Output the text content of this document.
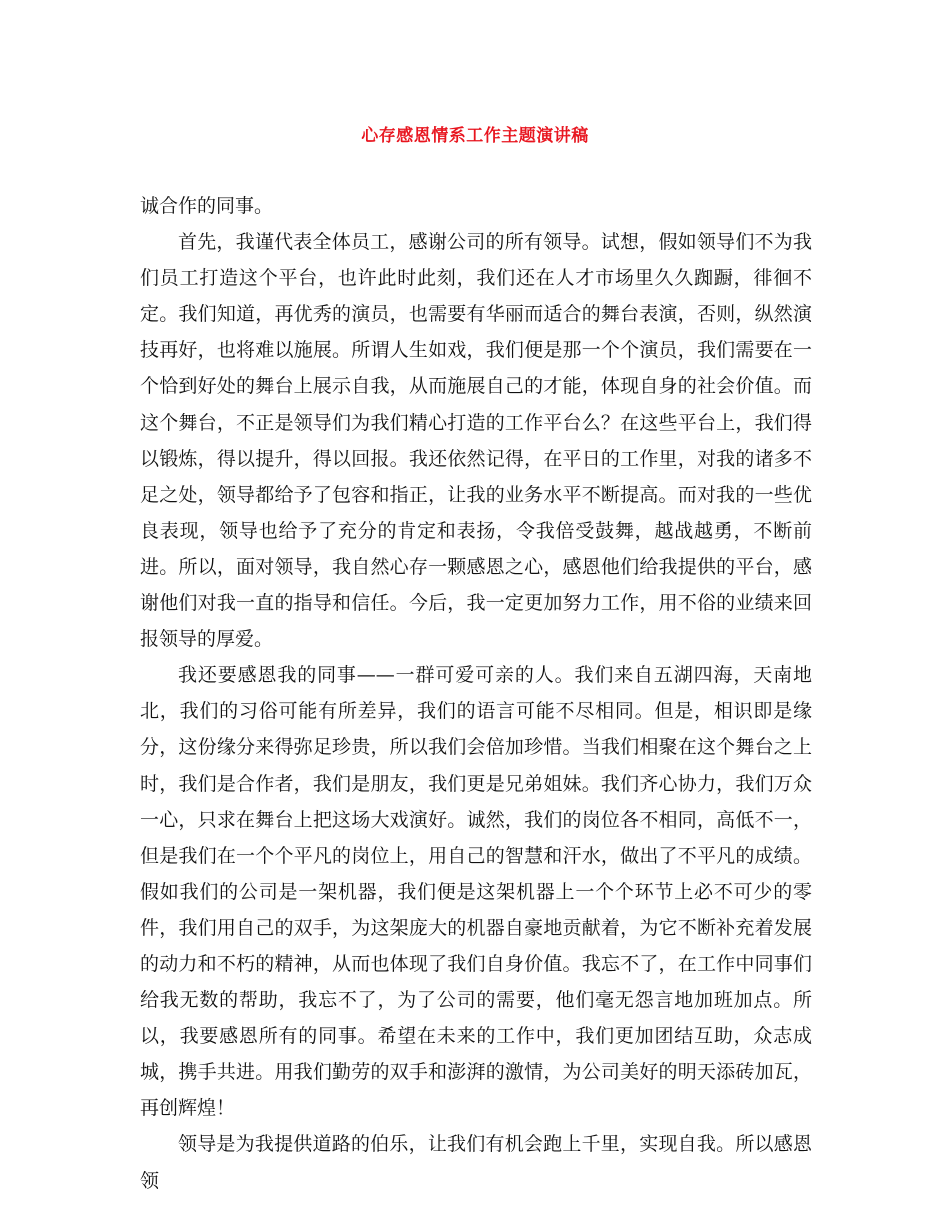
心存感恩情系工作主题演讲稿

诚合作的同事。

首先，我谨代表全体员工，感谢公司的所有领导。试想，假如领导们不为我们员工打造这个平台，也许此时此刻，我们还在人才市场里久久踟蹰，徘徊不定。我们知道，再优秀的演员，也需要有华丽而适合的舞台表演，否则，纵然演技再好，也将难以施展。所谓人生如戏，我们便是那一个个演员，我们需要在一个恰到好处的舞台上展示自我，从而施展自己的才能，体现自身的社会价值。而这个舞台，不正是领导们为我们精心打造的工作平台么？在这些平台上，我们得以锻炼，得以提升，得以回报。我还依然记得，在平日的工作里，对我的诸多不足之处，领导都给予了包容和指正，让我的业务水平不断提高。而对我的一些优良表现，领导也给予了充分的肯定和表扬，令我倍受鼓舞，越战越勇，不断前进。所以，面对领导，我自然心存一颗感恩之心，感恩他们给我提供的平台，感谢他们对我一直的指导和信任。今后，我一定更加努力工作，用不俗的业绩来回报领导的厚爱。

我还要感恩我的同事——一群可爱可亲的人。我们来自五湖四海，天南地北，我们的习俗可能有所差异，我们的语言可能不尽相同。但是，相识即是缘分，这份缘分来得弥足珍贵，所以我们会倍加珍惜。当我们相聚在这个舞台之上时，我们是合作者，我们是朋友，我们更是兄弟姐妹。我们齐心协力，我们万众一心，只求在舞台上把这场大戏演好。诚然，我们的岗位各不相同，高低不一，但是我们在一个个平凡的岗位上，用自己的智慧和汗水，做出了不平凡的成绩。假如我们的公司是一架机器，我们便是这架机器上一个个环节上必不可少的零件，我们用自己的双手，为这架庞大的机器自豪地贡献着，为它不断补充着发展的动力和不朽的精神，从而也体现了我们自身价值。我忘不了，在工作中同事们给我无数的帮助，我忘不了，为了公司的需要，他们毫无怨言地加班加点。所以，我要感恩所有的同事。希望在未来的工作中，我们更加团结互助，众志成城，携手共进。用我们勤劳的双手和澎湃的激情，为公司美好的明天添砖加瓦，再创辉煌！

领导是为我提供道路的伯乐，让我们有机会跑上千里，实现自我。所以感恩领
